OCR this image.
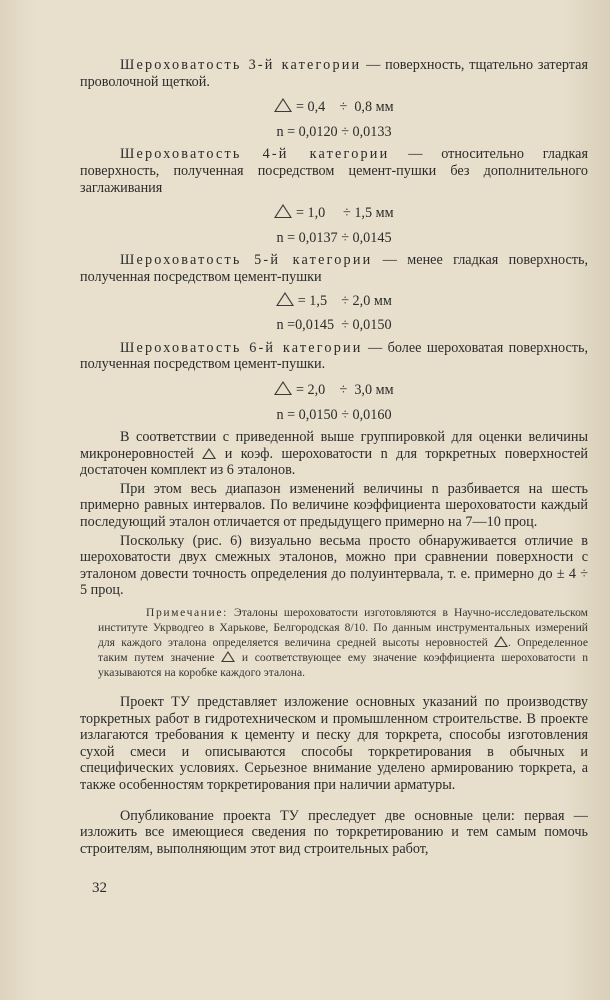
Шероховатость 3-й категории — поверхность, тщательно затертая проволочной щеткой.

= 0,4    ÷  0,8 мм

n = 0,0120 ÷ 0,0133

Шероховатость 4-й категории — относительно гладкая поверхность, полученная посредством цемент-пушки без дополнительного заглаживания

= 1,0     ÷ 1,5 мм

n = 0,0137 ÷ 0,0145

Шероховатость 5-й категории — менее гладкая поверхность, полученная посредством цемент-пушки

= 1,5    ÷ 2,0 мм

n =0,0145  ÷ 0,0150

Шероховатость 6-й категории — более шероховатая поверхность, полученная посредством цемент-пушки.

= 2,0    ÷  3,0 мм

n = 0,0150 ÷ 0,0160

В соответствии с приведенной выше группировкой для оценки величины микронеровностей  и коэф. шероховатости n для торкретных поверхностей достаточен комплект из 6 эталонов.

При этом весь диапазон изменений величины n разбивается на шесть примерно равных интервалов. По величине коэффициента шероховатости каждый последующий эталон отличается от предыдущего примерно на 7—10 проц.

Поскольку (рис. 6) визуально весьма просто обнаруживается отличие в шероховатости двух смежных эталонов, можно при сравнении поверхности с эталоном довести точность определения до полуинтервала, т. е. примерно до ± 4 ÷ 5 проц.

Примечание: Эталоны шероховатости изготовляются в Научно-исследовательском институте Укрводгео в Харькове, Белгородская 8/10. По данным инструментальных измерений для каждого эталона определяется величина средней высоты неровностей . Определенное таким путем значение  и соответствующее ему значение коэффициента шероховатости n указываются на коробке каждого эталона.

Проект ТУ представляет изложение основных указаний по производству торкретных работ в гидротехническом и промышленном строительстве. В проекте излагаются требования к цементу и песку для торкрета, способы изготовления сухой смеси и описываются способы торкретирования в обычных и специфических условиях. Серьезное внимание уделено армированию торкрета, а также особенностям торкретирования при наличии арматуры.

Опубликование проекта ТУ преследует две основные цели: первая — изложить все имеющиеся сведения по торкретированию и тем самым помочь строителям, выполняющим этот вид строительных работ,

32
